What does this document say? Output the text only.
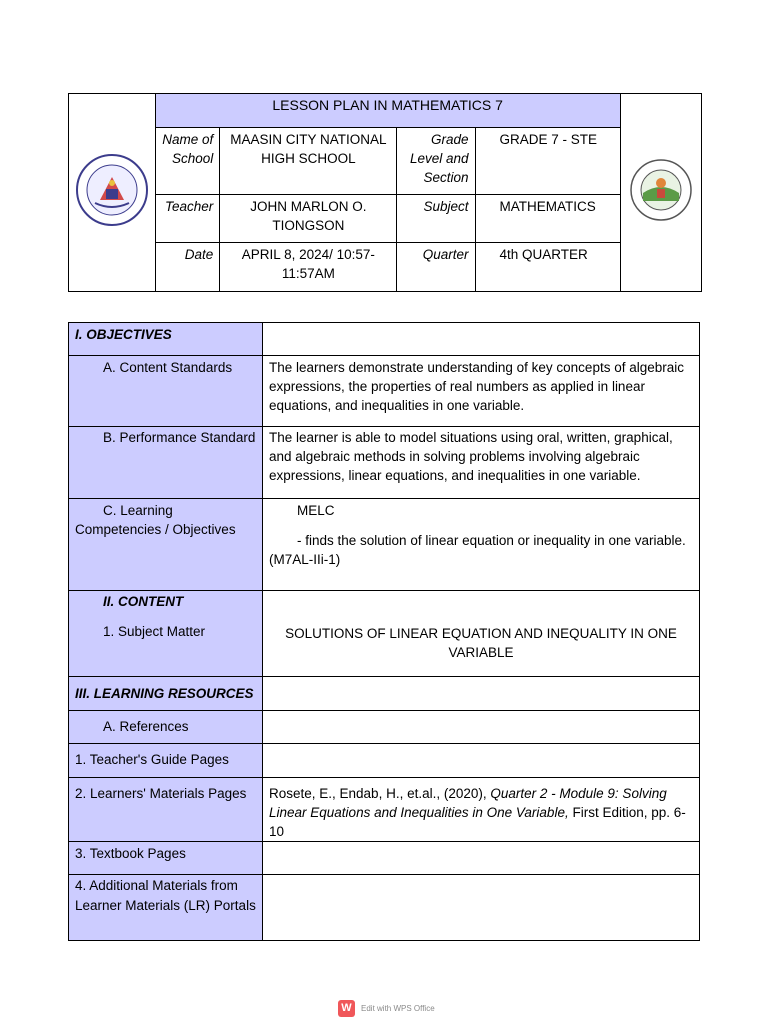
	LESSON PLAN IN MATHEMATICS 7	
	Name of School	MAASIN CITY NATIONAL HIGH SCHOOL	Grade Level and Section	GRADE 7 - STE	
	Teacher	JOHN MARLON O. TIONGSON	Subject	MATHEMATICS	
	Date	APRIL 8, 2024/ 10:57-11:57AM	Quarter	4th QUARTER	
I. OBJECTIVES	

A. Content Standards	The learners demonstrate understanding of key concepts of algebraic expressions, the properties of real numbers as applied in linear equations, and inequalities in one variable.
B. Performance Standard	The learner is able to model situations using oral, written, graphical, and algebraic methods in solving problems involving algebraic expressions, linear equations, and inequalities in one variable.
C. Learning Competencies / Objectives	MELC
- finds the solution of linear equation or inequality in one variable. (M7AL-IIi-1)

II. CONTENT
1. Subject Matter	SOLUTIONS OF LINEAR EQUATION AND INEQUALITY IN ONE VARIABLE
III. LEARNING RESOURCES	
A. References	
1. Teacher's Guide Pages	
2. Learners' Materials Pages	Rosete, E., Endab, H., et.al., (2020), Quarter 2 - Module 9: Solving Linear Equations and Inequalities in One Variable, First Edition, pp. 6-10
3. Textbook Pages	
4. Additional Materials from Learner Materials (LR) Portals	
W	Edit with WPS Office
